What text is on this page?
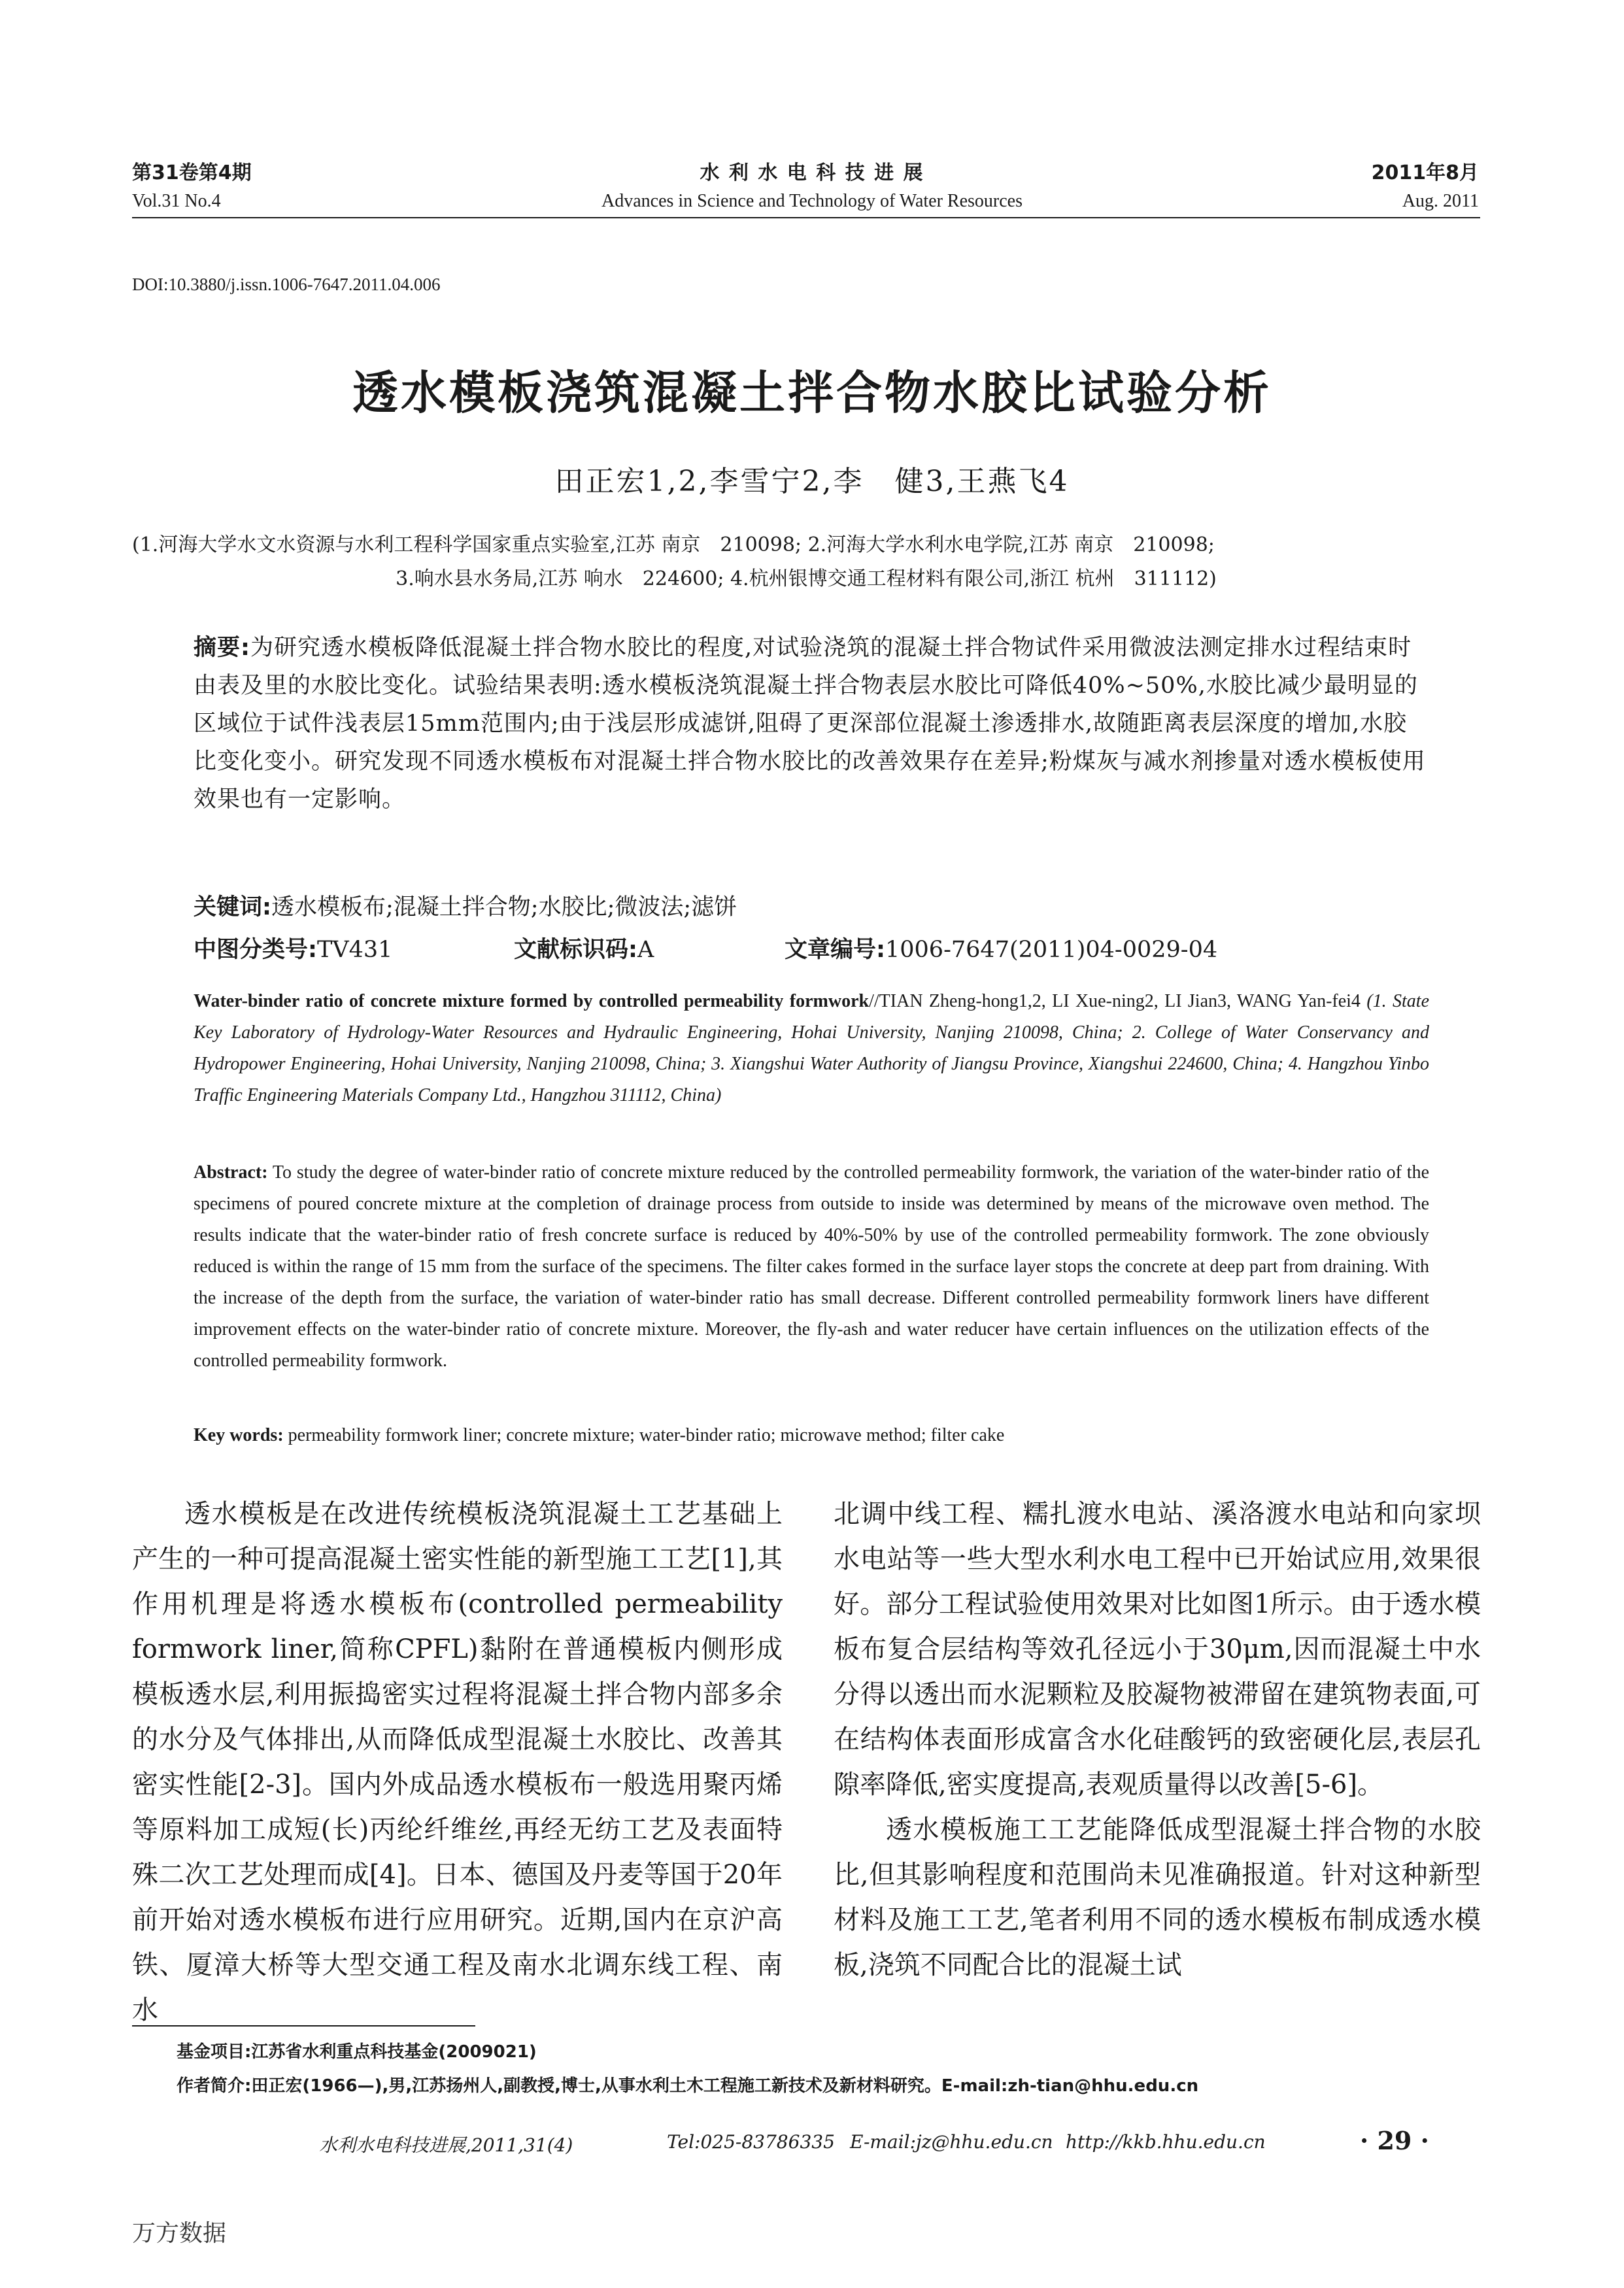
第31卷第4期
Vol.31 No.4
水 利 水 电 科 技 进 展
Advances in Science and Technology of Water Resources
2011年8月
Aug. 2011
DOI:10.3880/j.issn.1006-7647.2011.04.006
透水模板浇筑混凝土拌合物水胶比试验分析
田正宏1,2,李雪宁2,李　健3,王燕飞4
(1.河海大学水文水资源与水利工程科学国家重点实验室,江苏 南京　210098; 2.河海大学水利水电学院,江苏 南京　210098;
3.响水县水务局,江苏 响水　224600; 4.杭州银博交通工程材料有限公司,浙江 杭州　311112)
摘要:为研究透水模板降低混凝土拌合物水胶比的程度,对试验浇筑的混凝土拌合物试件采用微波法测定排水过程结束时由表及里的水胶比变化。试验结果表明:透水模板浇筑混凝土拌合物表层水胶比可降低40%~50%,水胶比减少最明显的区域位于试件浅表层15mm范围内;由于浅层形成滤饼,阻碍了更深部位混凝土渗透排水,故随距离表层深度的增加,水胶比变化变小。研究发现不同透水模板布对混凝土拌合物水胶比的改善效果存在差异;粉煤灰与减水剂掺量对透水模板使用效果也有一定影响。
关键词:透水模板布;混凝土拌合物;水胶比;微波法;滤饼
中图分类号:TV431	文献标识码:A	文章编号:1006-7647(2011)04-0029-04
Water-binder ratio of concrete mixture formed by controlled permeability formwork//TIAN Zheng-hong1,2, LI Xue-ning2, LI Jian3, WANG Yan-fei4 (1. State Key Laboratory of Hydrology-Water Resources and Hydraulic Engineering, Hohai University, Nanjing 210098, China; 2. College of Water Conservancy and Hydropower Engineering, Hohai University, Nanjing 210098, China; 3. Xiangshui Water Authority of Jiangsu Province, Xiangshui 224600, China; 4. Hangzhou Yinbo Traffic Engineering Materials Company Ltd., Hangzhou 311112, China)
Abstract: To study the degree of water-binder ratio of concrete mixture reduced by the controlled permeability formwork, the variation of the water-binder ratio of the specimens of poured concrete mixture at the completion of drainage process from outside to inside was determined by means of the microwave oven method. The results indicate that the water-binder ratio of fresh concrete surface is reduced by 40%-50% by use of the controlled permeability formwork. The zone obviously reduced is within the range of 15 mm from the surface of the specimens. The filter cakes formed in the surface layer stops the concrete at deep part from draining. With the increase of the depth from the surface, the variation of water-binder ratio has small decrease. Different controlled permeability formwork liners have different improvement effects on the water-binder ratio of concrete mixture. Moreover, the fly-ash and water reducer have certain influences on the utilization effects of the controlled permeability formwork.
Key words: permeability formwork liner; concrete mixture; water-binder ratio; microwave method; filter cake

透水模板是在改进传统模板浇筑混凝土工艺基础上产生的一种可提高混凝土密实性能的新型施工工艺[1],其作用机理是将透水模板布(controlled permeability formwork liner,简称CPFL)黏附在普通模板内侧形成模板透水层,利用振捣密实过程将混凝土拌合物内部多余的水分及气体排出,从而降低成型混凝土水胶比、改善其密实性能[2-3]。国内外成品透水模板布一般选用聚丙烯等原料加工成短(长)丙纶纤维丝,再经无纺工艺及表面特殊二次工艺处理而成[4]。日本、德国及丹麦等国于20年前开始对透水模板布进行应用研究。近期,国内在京沪高铁、厦漳大桥等大型交通工程及南水北调东线工程、南水

北调中线工程、糯扎渡水电站、溪洛渡水电站和向家坝水电站等一些大型水利水电工程中已开始试应用,效果很好。部分工程试验使用效果对比如图1所示。由于透水模板布复合层结构等效孔径远小于30μm,因而混凝土中水分得以透出而水泥颗粒及胶凝物被滞留在建筑物表面,可在结构体表面形成富含水化硅酸钙的致密硬化层,表层孔隙率降低,密实度提高,表观质量得以改善[5-6]。

透水模板施工工艺能降低成型混凝土拌合物的水胶比,但其影响程度和范围尚未见准确报道。针对这种新型材料及施工工艺,笔者利用不同的透水模板布制成透水模板,浇筑不同配合比的混凝土试

基金项目:江苏省水利重点科技基金(2009021)
作者简介:田正宏(1966—),男,江苏扬州人,副教授,博士,从事水利土木工程施工新技术及新材料研究。E-mail:zh-tian@hhu.edu.cn
水利水电科技进展,2011,31(4)	Tel:025-83786335 E-mail:jz@hhu.edu.cn http://kkb.hhu.edu.cn	· 29 ·
万方数据
